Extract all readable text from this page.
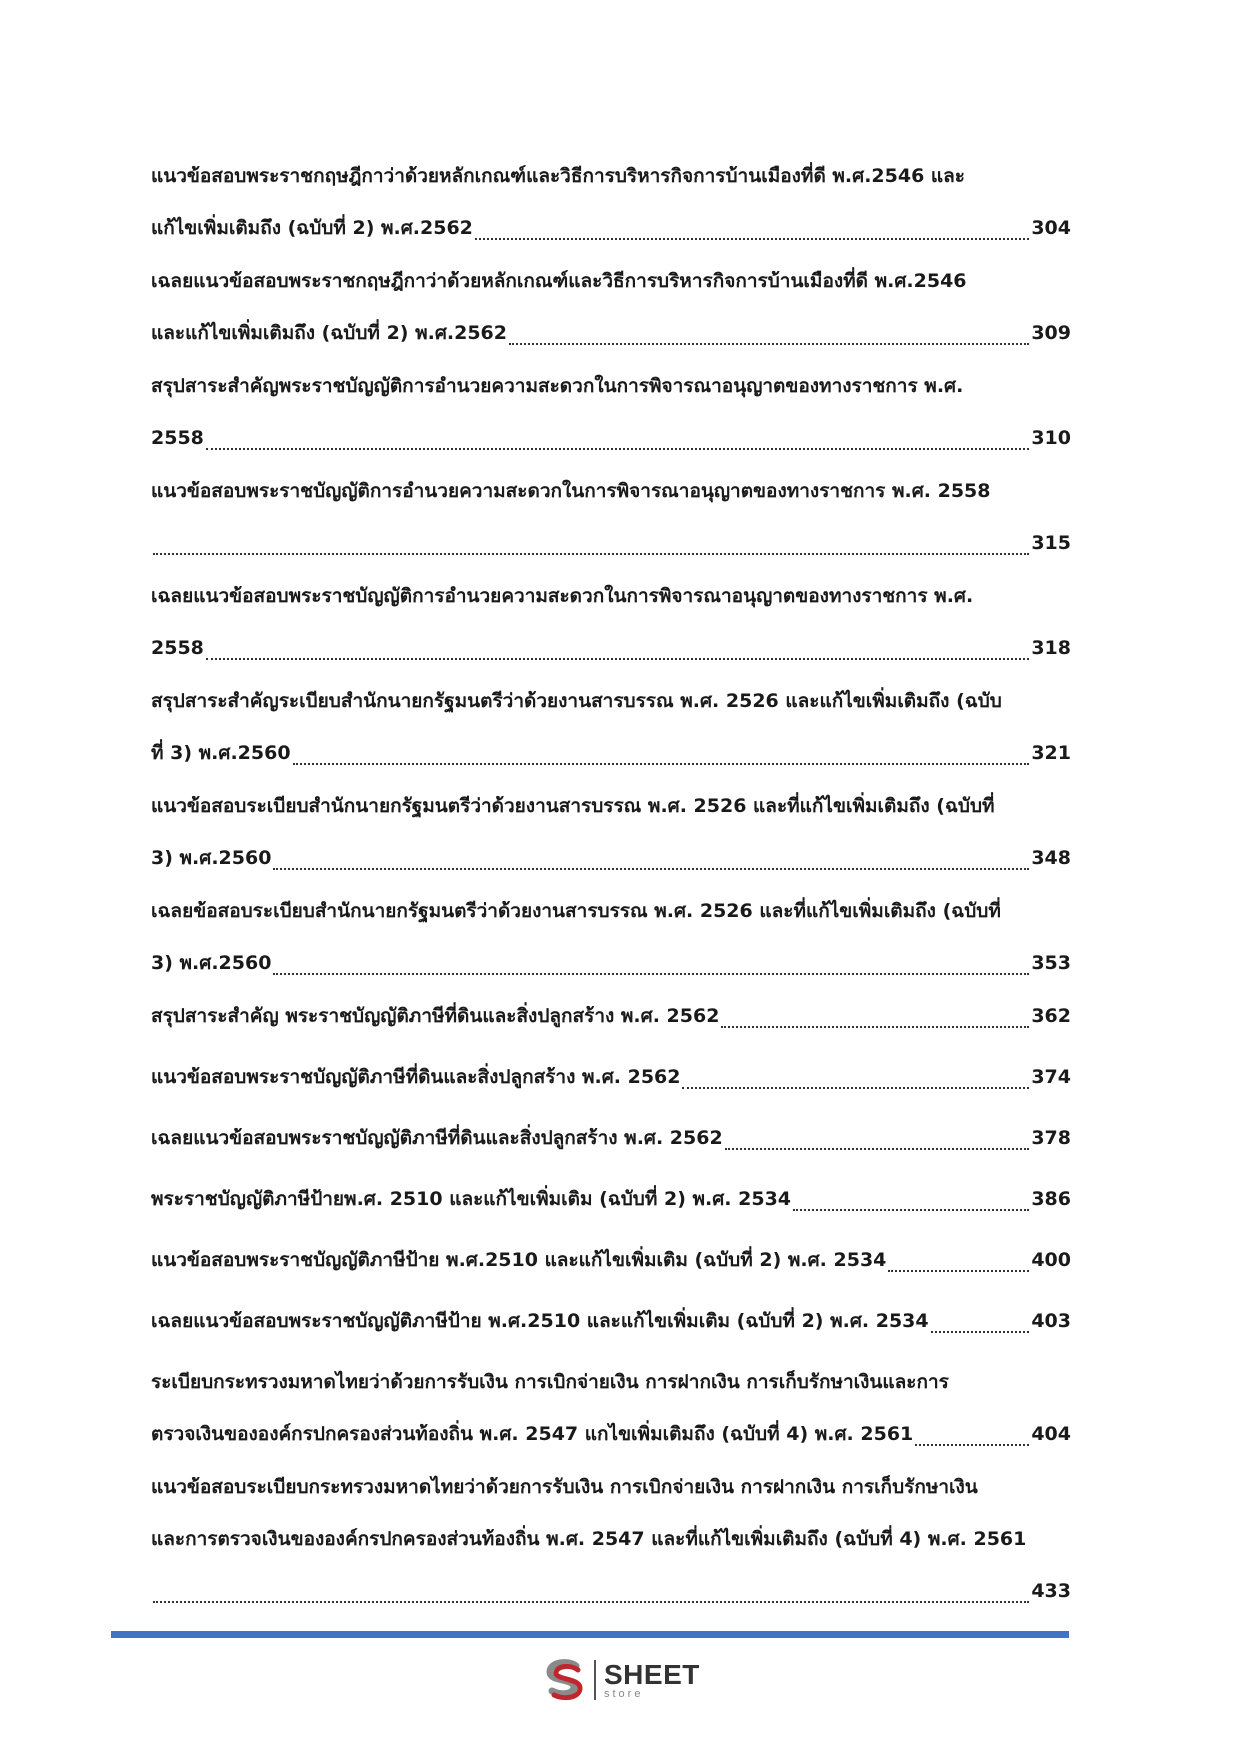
แนวข้อสอบพระราชกฤษฎีกาว่าด้วยหลักเกณฑ์และวิธีการบริหารกิจการบ้านเมืองที่ดี พ.ศ.2546 และ
แก้ไขเพิ่มเติมถึง (ฉบับที่ 2) พ.ศ.2562	304
เฉลยแนวข้อสอบพระราชกฤษฎีกาว่าด้วยหลักเกณฑ์และวิธีการบริหารกิจการบ้านเมืองที่ดี พ.ศ.2546
และแก้ไขเพิ่มเติมถึง (ฉบับที่ 2) พ.ศ.2562	309
สรุปสาระสำคัญพระราชบัญญัติการอำนวยความสะดวกในการพิจารณาอนุญาตของทางราชการ พ.ศ.
2558	310
แนวข้อสอบพระราชบัญญัติการอำนวยความสะดวกในการพิจารณาอนุญาตของทางราชการ พ.ศ. 2558
315
เฉลยแนวข้อสอบพระราชบัญญัติการอำนวยความสะดวกในการพิจารณาอนุญาตของทางราชการ พ.ศ.
2558	318
สรุปสาระสำคัญระเบียบสำนักนายกรัฐมนตรีว่าด้วยงานสารบรรณ พ.ศ. 2526 และแก้ไขเพิ่มเติมถึง (ฉบับ
ที่ 3) พ.ศ.2560	321
แนวข้อสอบระเบียบสำนักนายกรัฐมนตรีว่าด้วยงานสารบรรณ พ.ศ. 2526 และที่แก้ไขเพิ่มเติมถึง (ฉบับที่
3) พ.ศ.2560	348
เฉลยข้อสอบระเบียบสำนักนายกรัฐมนตรีว่าด้วยงานสารบรรณ พ.ศ. 2526 และที่แก้ไขเพิ่มเติมถึง (ฉบับที่
3) พ.ศ.2560	353
สรุปสาระสำคัญ พระราชบัญญัติภาษีที่ดินและสิ่งปลูกสร้าง พ.ศ. 2562	362
แนวข้อสอบพระราชบัญญัติภาษีที่ดินและสิ่งปลูกสร้าง พ.ศ. 2562	374
เฉลยแนวข้อสอบพระราชบัญญัติภาษีที่ดินและสิ่งปลูกสร้าง พ.ศ. 2562	378
พระราชบัญญัติภาษีป้ายพ.ศ. 2510 และแก้ไขเพิ่มเติม (ฉบับที่ 2) พ.ศ. 2534	386
แนวข้อสอบพระราชบัญญัติภาษีป้าย พ.ศ.2510 และแก้ไขเพิ่มเติม (ฉบับที่ 2) พ.ศ. 2534	400
เฉลยแนวข้อสอบพระราชบัญญัติภาษีป้าย พ.ศ.2510 และแก้ไขเพิ่มเติม (ฉบับที่ 2) พ.ศ. 2534	403
ระเบียบกระทรวงมหาดไทยว่าด้วยการรับเงิน การเบิกจ่ายเงิน การฝากเงิน การเก็บรักษาเงินและการ
ตรวจเงินขององค์กรปกครองส่วนท้องถิ่น พ.ศ. 2547 แกไขเพิ่มเติมถึง (ฉบับที่ 4) พ.ศ. 2561	404
แนวข้อสอบระเบียบกระทรวงมหาดไทยว่าด้วยการรับเงิน การเบิกจ่ายเงิน การฝากเงิน การเก็บรักษาเงิน
และการตรวจเงินขององค์กรปกครองส่วนท้องถิ่น พ.ศ. 2547 และที่แก้ไขเพิ่มเติมถึง (ฉบับที่ 4) พ.ศ. 2561
433
SHEET
store
